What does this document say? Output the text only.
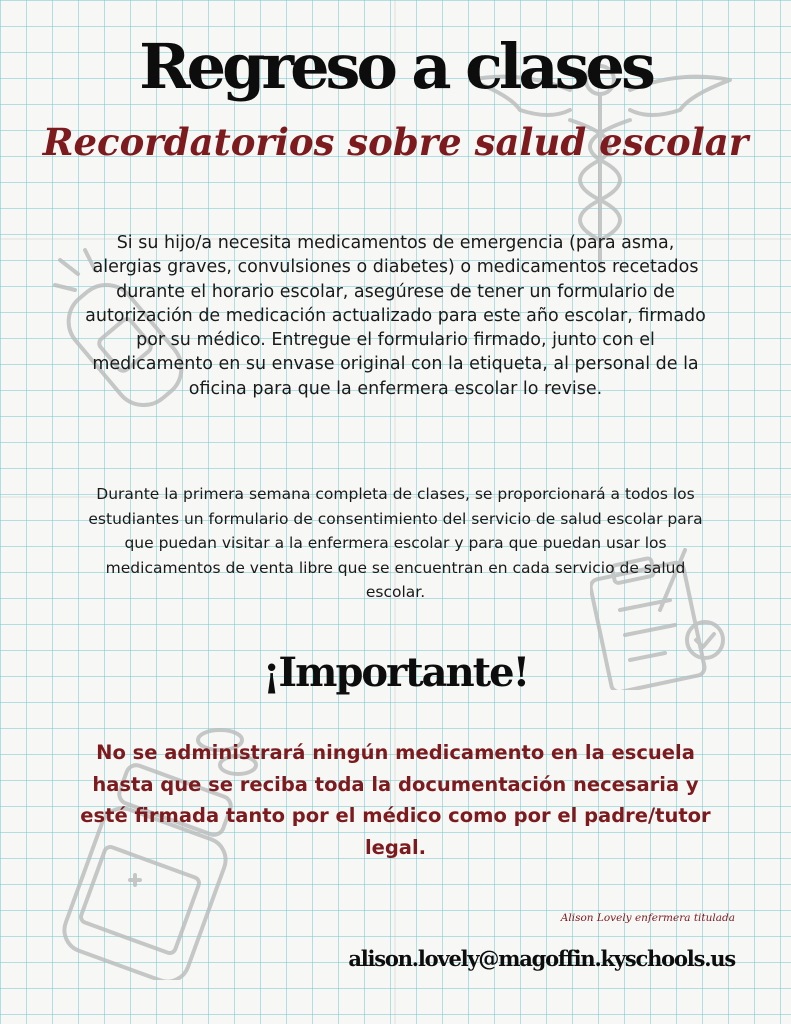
Regreso a clases
Recordatorios sobre salud escolar
Si su hijo/a necesita medicamentos de emergencia (para asma, alergias graves, convulsiones o diabetes) o medicamentos recetados durante el horario escolar, asegúrese de tener un formulario de autorización de medicación actualizado para este año escolar, firmado por su médico. Entregue el formulario firmado, junto con el medicamento en su envase original con la etiqueta, al personal de la oficina para que la enfermera escolar lo revise.
Durante la primera semana completa de clases, se proporcionará a todos los estudiantes un formulario de consentimiento del servicio de salud escolar para que puedan visitar a la enfermera escolar y para que puedan usar los medicamentos de venta libre que se encuentran en cada servicio de salud escolar.
¡Importante!
No se administrará ningún medicamento en la escuela hasta que se reciba toda la documentación necesaria y esté firmada tanto por el médico como por el padre/tutor legal.
Alison Lovely enfermera titulada
alison.lovely@magoffin.kyschools.us
